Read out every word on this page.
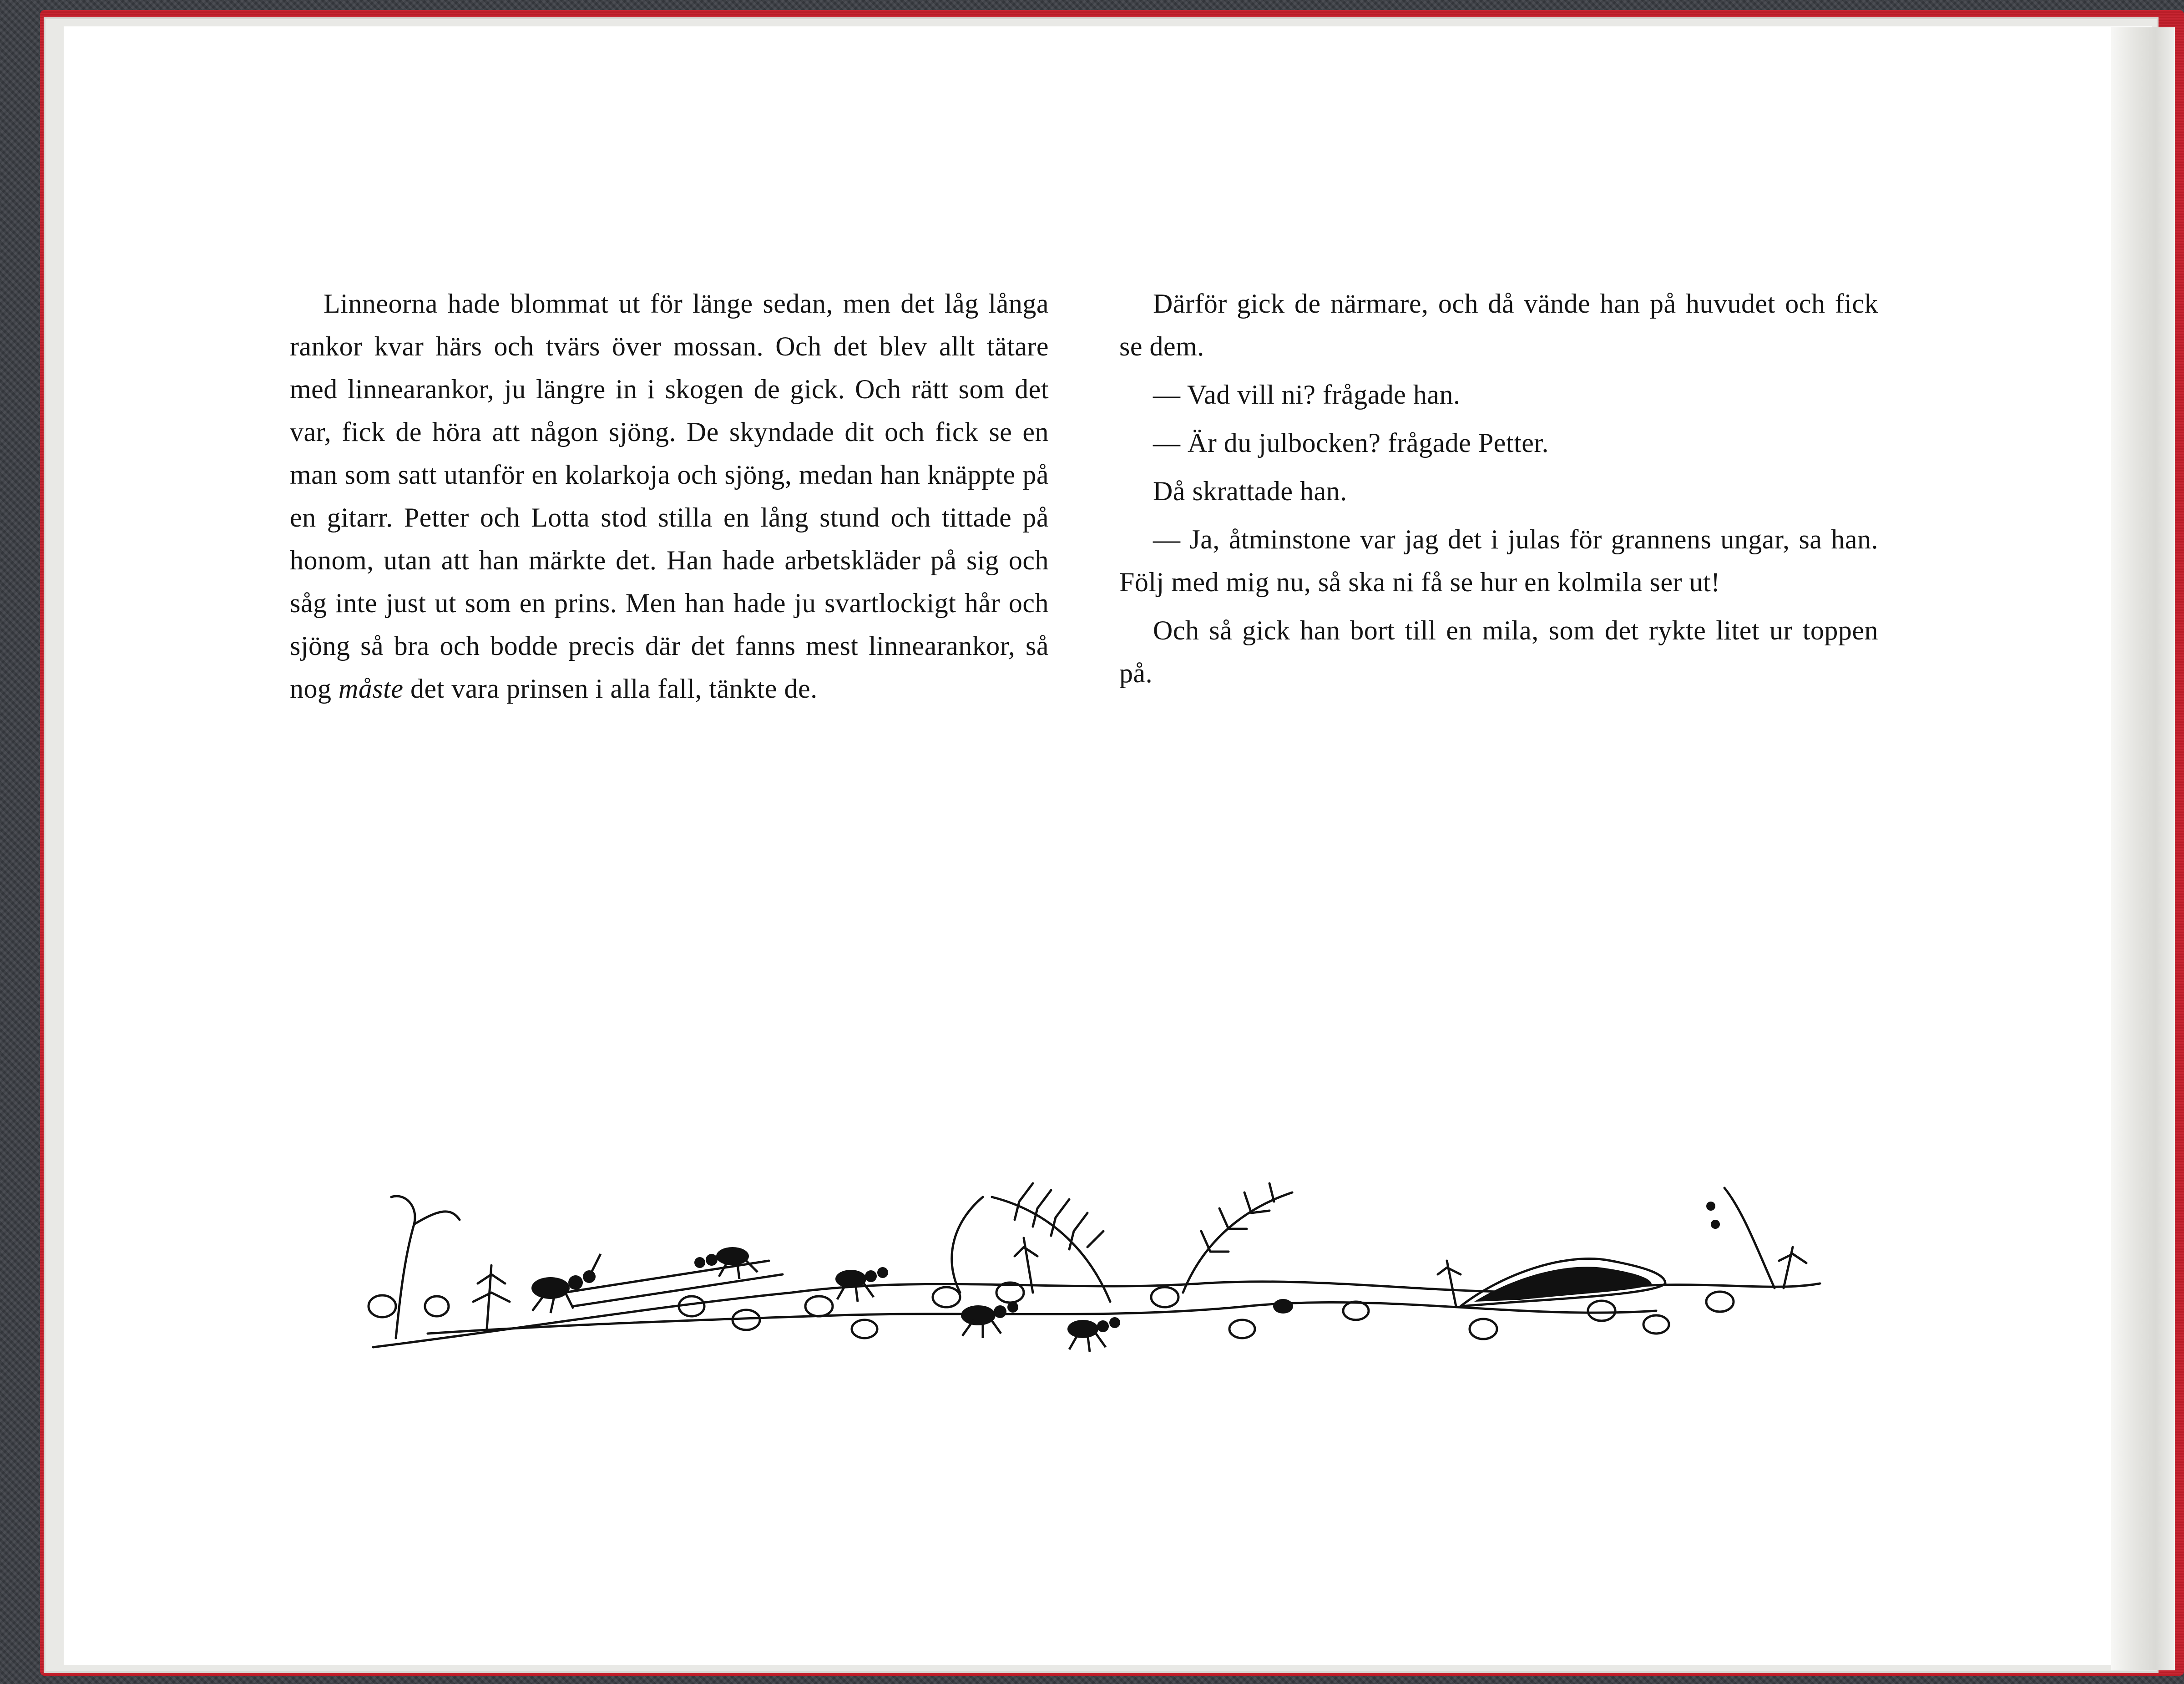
Linneorna hade blommat ut för länge sedan, men det låg långa rankor kvar härs och tvärs över mossan. Och det blev allt tätare med linnearankor, ju längre in i skogen de gick. Och rätt som det var, fick de höra att någon sjöng. De skyndade dit och fick se en man som satt utanför en kolarkoja och sjöng, medan han knäppte på en gitarr. Petter och Lotta stod stilla en lång stund och tittade på honom, utan att han märkte det. Han hade arbetskläder på sig och såg inte just ut som en prins. Men han hade ju svartlockigt hår och sjöng så bra och bodde precis där det fanns mest linnearankor, så nog måste det vara prinsen i alla fall, tänkte de.

Därför gick de närmare, och då vände han på huvudet och fick se dem.

— Vad vill ni? frågade han.

— Är du julbocken? frågade Petter.

Då skrattade han.

— Ja, åtminstone var jag det i julas för grannens ungar, sa han. Följ med mig nu, så ska ni få se hur en kolmila ser ut!

Och så gick han bort till en mila, som det rykte litet ur toppen på.
